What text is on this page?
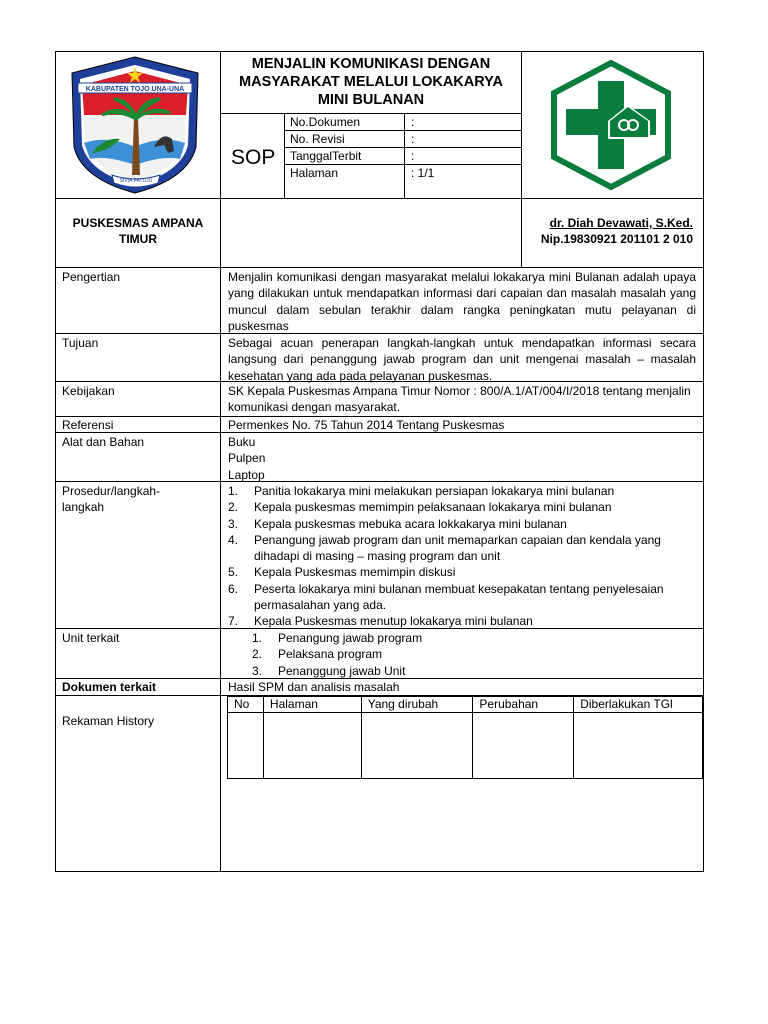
KABUPATEN TOJO UNA-UNA
SIVIA PATUJU
MENJALIN KOMUNIKASI DENGAN
MASYARAKAT MELALUI LOKAKARYA
MINI BULANAN
SOP
No.Dokumen	:
No. Revisi	:
TanggalTerbit	:
Halaman	: 1/1
PUSKESMAS AMPANA
TIMUR
dr. Diah Devawati, S.Ked.
Nip.19830921 201101 2 010
Pengertian	Menjalin komunikasi dengan masyarakat melalui lokakarya mini Bulanan adalah upaya yang dilakukan untuk mendapatkan informasi dari capaian dan masalah masalah yang muncul dalam sebulan terakhir dalam rangka peningkatan mutu pelayanan di puskesmas
Tujuan	Sebagai acuan penerapan langkah-langkah untuk mendapatkan informasi secara langsung dari penanggung jawab program dan unit mengenai masalah – masalah kesehatan yang ada pada pelayanan puskesmas.
Kebijakan	SK Kepala Puskesmas Ampana Timur Nomor : 800/A.1/AT/004/I/2018 tentang menjalin komunikasi dengan masyarakat.
Referensi	Permenkes No. 75 Tahun 2014 Tentang Puskesmas
Alat dan Bahan	Buku
Pulpen
Laptop
Prosedur/langkah-
langkah
1.	Panitia lokakarya mini melakukan persiapan lokakarya mini bulanan
2.	Kepala puskesmas memimpin pelaksanaan lokakarya mini bulanan
3.	Kepala puskesmas mebuka acara lokkakarya mini bulanan
4.	Penangung jawab program dan unit memaparkan capaian dan kendala yang dihadapi di masing – masing program dan unit
5.	Kepala Puskesmas memimpin diskusi
6.	Peserta lokakarya mini bulanan membuat kesepakatan tentang penyelesaian permasalahan yang ada.
7.	Kepala Puskesmas menutup lokakarya mini bulanan
Unit terkait	1.	Penangung jawab program
2.	Pelaksana program
3.	Penanggung jawab Unit
Dokumen terkait	Hasil SPM dan analisis masalah
Rekaman History
No	Halaman	Yang dirubah	Perubahan	Diberlakukan TGl
